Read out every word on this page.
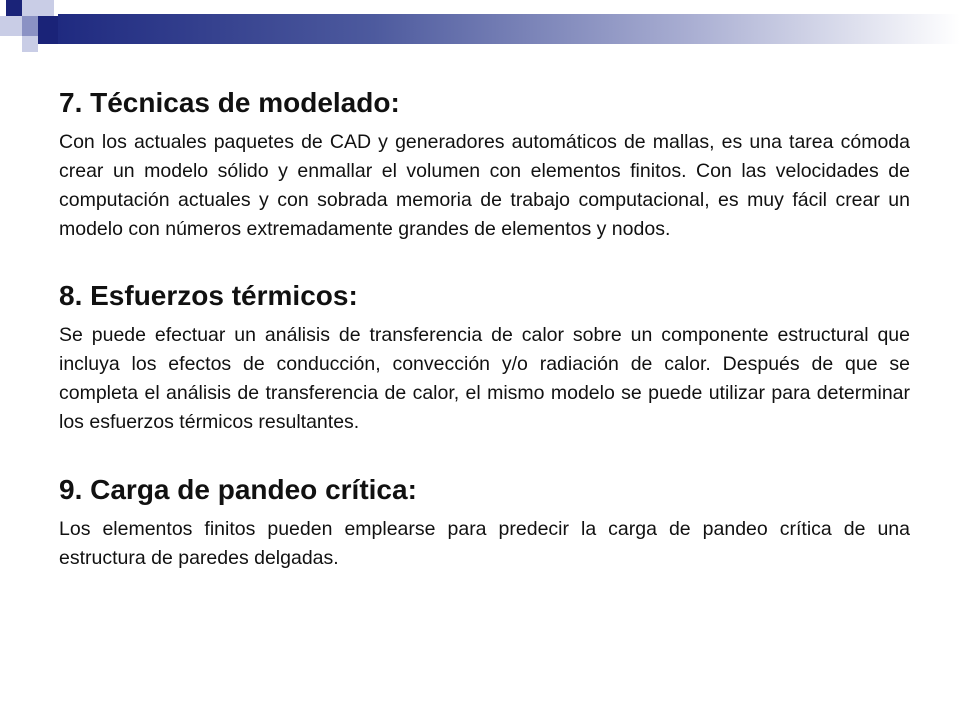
7. Técnicas de modelado:

Con los actuales paquetes de CAD y generadores automáticos de mallas, es una tarea cómoda crear un modelo sólido y enmallar el volumen con elementos finitos. Con las velocidades de computación actuales y con sobrada memoria de trabajo computacional, es muy fácil crear un modelo con números extremadamente grandes de elementos y nodos.

8. Esfuerzos térmicos:

Se puede efectuar un análisis de transferencia de calor sobre un componente estructural que incluya los efectos de conducción, convección y/o radiación de calor. Después de que se completa el análisis de transferencia de calor, el mismo modelo se puede utilizar para determinar los esfuerzos térmicos resultantes.

9. Carga de pandeo crítica:

Los elementos finitos pueden emplearse para predecir la carga de pandeo crítica de una estructura de paredes delgadas.
